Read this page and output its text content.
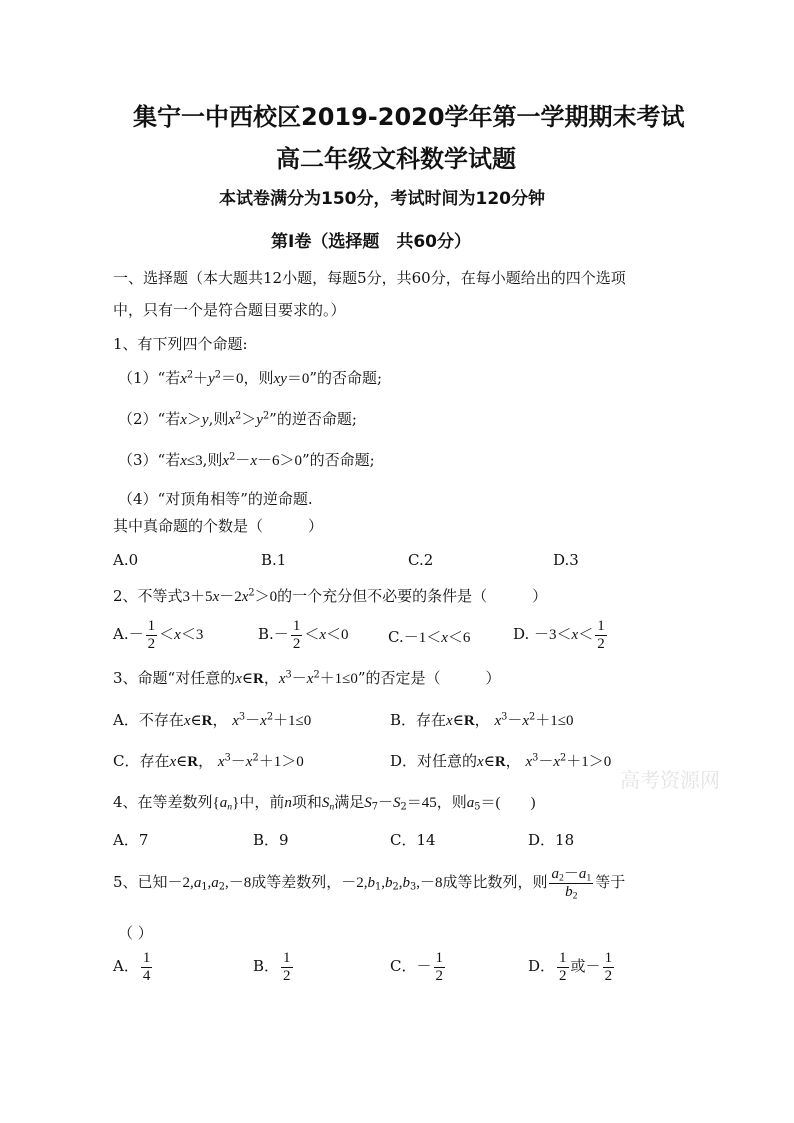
集宁一中西校区2019-2020学年第一学期期末考试
高二年级文科数学试题
本试卷满分为150分，考试时间为120分钟
第Ⅰ卷（选择题　共60分）
一、选择题（本大题共12小题，每题5分，共60分，在每小题给出的四个选项
中，只有一个是符合题目要求的。）
1、有下列四个命题:
（1）“若$x^2+y^2=0$，则xy＝0”的否命题;
（2）“若x＞y,则$x^2>y^2$”的逆否命题;
（3）“若x≤3,则$x^2-x-6>0$”的否命题;
（4）“对顶角相等”的逆命题.
其中真命题的个数是（　　　）
A.0	B.1	C.2	D.3
2、不等式$3+5x-2x^2>0$的一个充分但不必要的条件是（　　　）
$A.- \frac{1}{2} <x<3$	$B.- \frac{1}{2} <x<0$	C.－1＜x＜6	D. $-3<x< \frac{1}{2}$
3、命题“对任意的x∈R，$x^3-x^2+1\le 0$”的否定是（　　　）
A．不存在x∈R， $x^3-x^2+1\le 0$	B．存在x∈R， $x^3-x^2+1\le 0$
C．存在x∈R， $x^3-x^2+1>0$	D．对任意的x∈R， $x^3-x^2+1>0$
高考资源网
4、在等差数列$\{a_n\}$中，前n项和$S_n$满足$S_7-S_2=45$，则$a_5=$(　　)
A．7	B．9	C．14	D．18
5、已知$-2,a_1,a_2,-8$成等差数列，$-2,b_1,b_2,b_3,-8$成等比数列，则 $\frac{a_2-a_1}{b_2}$ 等于
（ ）
A． $\frac{1}{4}$	B． $\frac{1}{2}$	C．－ $\frac{1}{2}$	D． $\frac{1}{2}$ 或－ $\frac{1}{2}$
